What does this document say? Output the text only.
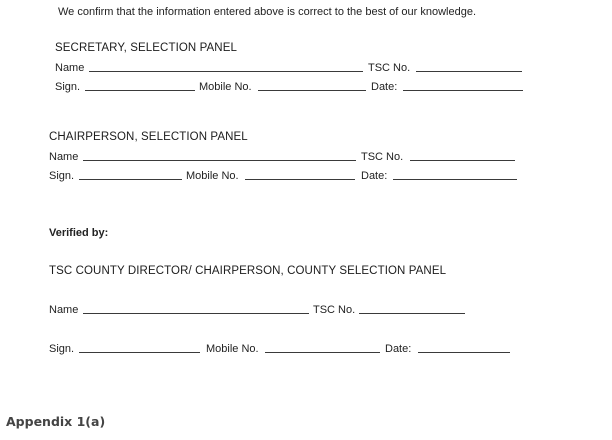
We confirm that the information entered above is correct to the best of our knowledge.
SECRETARY, SELECTION PANEL
Name	TSC No.
Sign.	Mobile No.	Date:
CHAIRPERSON, SELECTION PANEL
Name	TSC No.
Sign.	Mobile No.	Date:
Verified by:
TSC COUNTY DIRECTOR/ CHAIRPERSON, COUNTY SELECTION PANEL
Name	TSC No.
Sign.	Mobile No.	Date:
Appendix 1(a)
